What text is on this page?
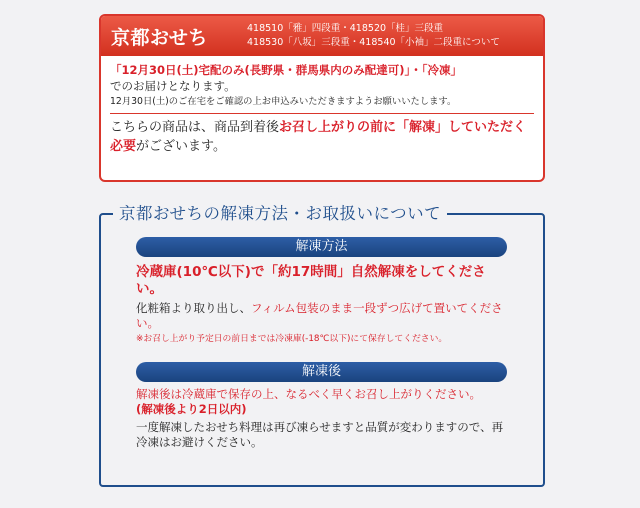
京都おせち	418510「雅」四段重・418520「桂」三段重
418530「八坂」三段重・418540「小袖」二段重について
「12月30日(土)宅配のみ(長野県・群馬県内のみ配達可)」・「冷凍」
でのお届けとなります。
12月30日(土)のご在宅をご確認の上お申込みいただきますようお願いいたします。
こちらの商品は、商品到着後お召し上がりの前に「解凍」していただく必要がございます。
京都おせちの解凍方法・お取扱いについて
解凍方法
冷蔵庫(10℃以下)で「約17時間」自然解凍をしてください。
化粧箱より取り出し、フィルム包装のまま一段ずつ広げて置いてください。
※お召し上がり予定日の前日までは冷凍庫(-18℃以下)にて保存してください。
解凍後
解凍後は冷蔵庫で保存の上、なるべく早くお召し上がりください。
(解凍後より2日以内)
一度解凍したおせち料理は再び凍らせますと品質が変わりますので、再冷凍はお避けください。
